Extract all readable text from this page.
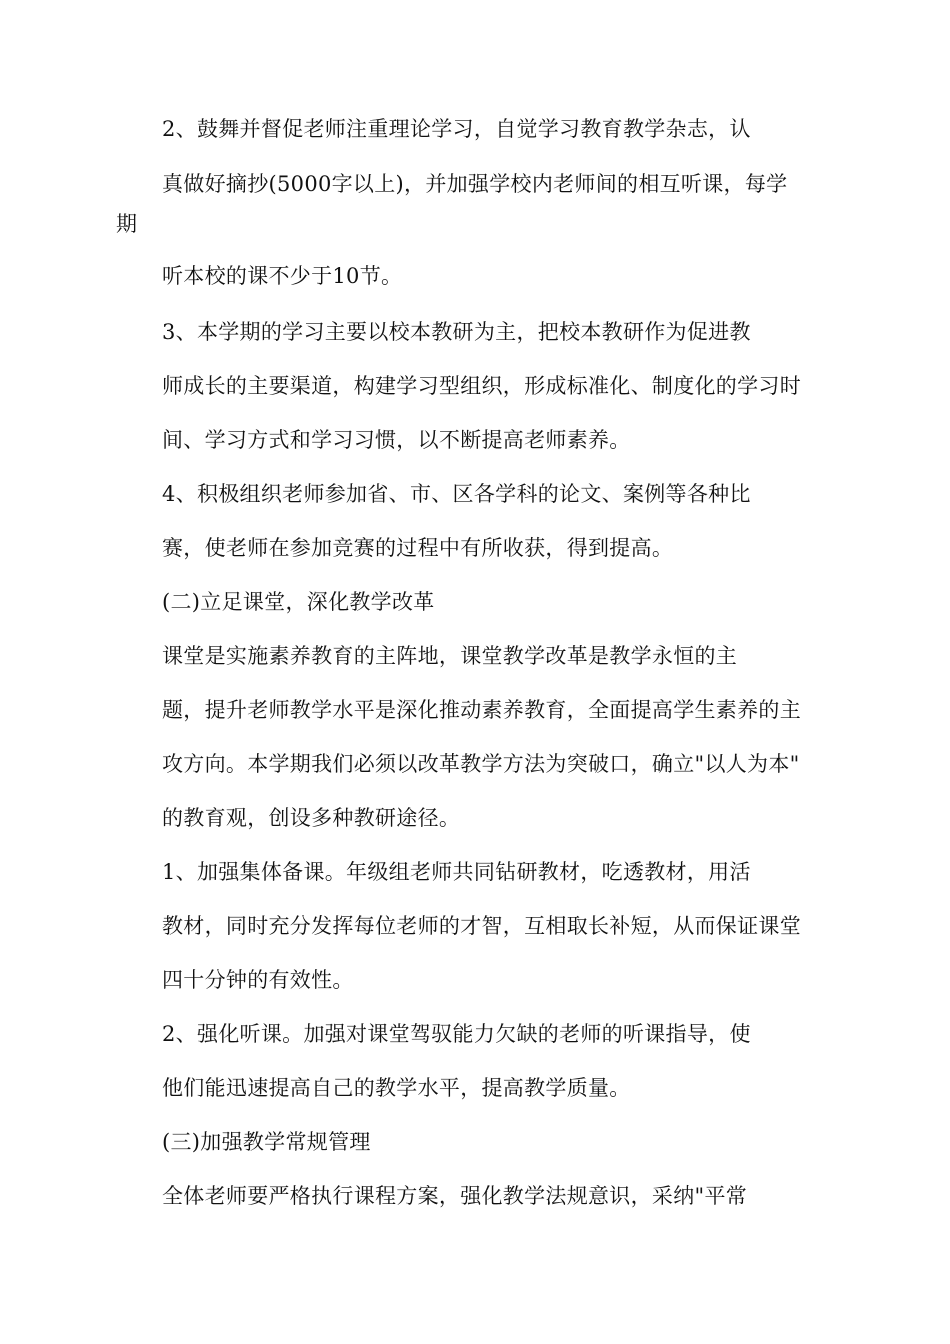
2、鼓舞并督促老师注重理论学习，自觉学习教育教学杂志，认
真做好摘抄(5000字以上)，并加强学校内老师间的相互听课，每学
期
听本校的课不少于10节。
3、本学期的学习主要以校本教研为主，把校本教研作为促进教
师成长的主要渠道，构建学习型组织，形成标准化、制度化的学习时
间、学习方式和学习习惯，以不断提高老师素养。
4、积极组织老师参加省、市、区各学科的论文、案例等各种比
赛，使老师在参加竞赛的过程中有所收获，得到提高。
(二)立足课堂，深化教学改革
课堂是实施素养教育的主阵地，课堂教学改革是教学永恒的主
题，提升老师教学水平是深化推动素养教育，全面提高学生素养的主
攻方向。本学期我们必须以改革教学方法为突破口，确立"以人为本"
的教育观，创设多种教研途径。
1、加强集体备课。年级组老师共同钻研教材，吃透教材，用活
教材，同时充分发挥每位老师的才智，互相取长补短，从而保证课堂
四十分钟的有效性。
2、强化听课。加强对课堂驾驭能力欠缺的老师的听课指导，使
他们能迅速提高自己的教学水平，提高教学质量。
(三)加强教学常规管理
全体老师要严格执行课程方案，强化教学法规意识，采纳"平常
